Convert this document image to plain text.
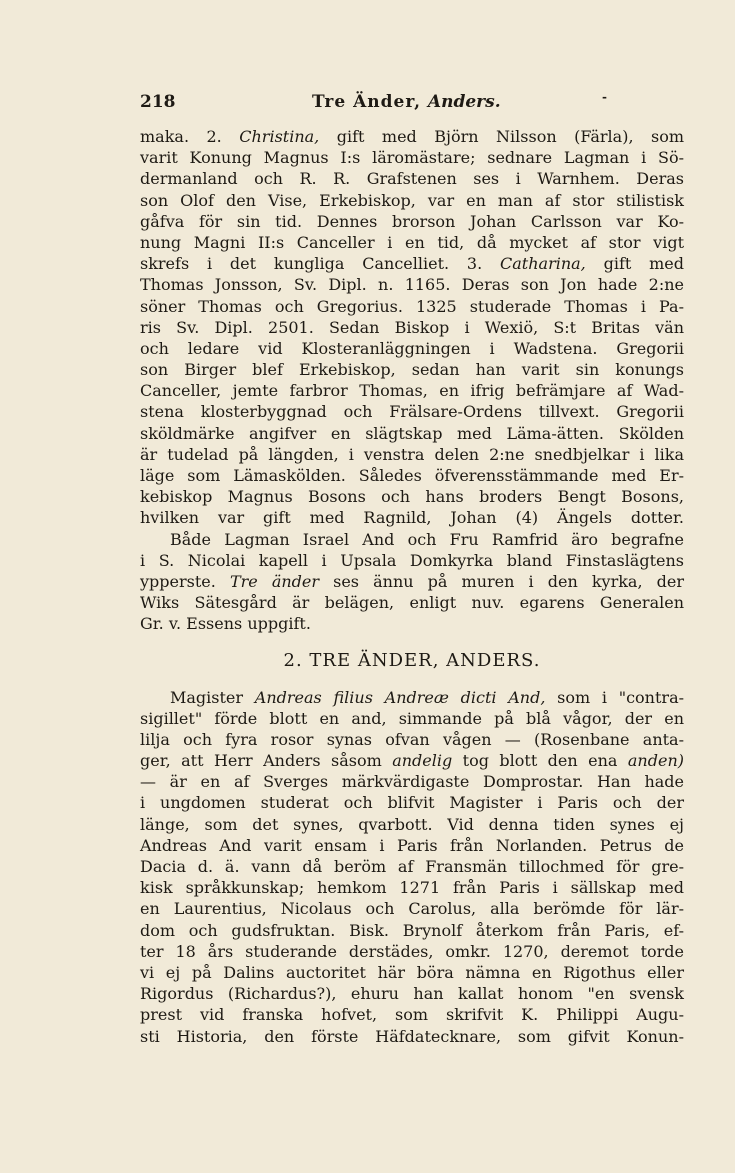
218	Tre Änder, Anders.	-
maka. 2. Christina, gift med Björn Nilsson (Färla), som
varit Konung Magnus I:s läromästare; sednare Lagman i Sö-
dermanland och R. R. Grafstenen ses i Warnhem. Deras
son Olof den Vise, Erkebiskop, var en man af stor stilistisk
gåfva för sin tid. Dennes brorson Johan Carlsson var Ko-
nung Magni II:s Canceller i en tid, då mycket af stor vigt
skrefs i det kungliga Cancelliet. 3. Catharina, gift med
Thomas Jonsson, Sv. Dipl. n. 1165. Deras son Jon hade 2:ne
söner Thomas och Gregorius. 1325 studerade Thomas i Pa-
ris Sv. Dipl. 2501. Sedan Biskop i Wexiö, S:t Britas vän
och ledare vid Klosteranläggningen i Wadstena. Gregorii
son Birger blef Erkebiskop, sedan han varit sin konungs
Canceller, jemte farbror Thomas, en ifrig befrämjare af Wad-
stena klosterbyggnad och Frälsare-Ordens tillvext. Gregorii
sköldmärke angifver en slägtskap med Läma-ätten. Skölden
är tudelad på längden, i venstra delen 2:ne snedbjelkar i lika
läge som Lämaskölden. Således öfverensstämmande med Er-
kebiskop Magnus Bosons och hans broders Bengt Bosons,
hvilken var gift med Ragnild, Johan (4) Ängels dotter.
Både Lagman Israel And och Fru Ramfrid äro begrafne
i S. Nicolai kapell i Upsala Domkyrka bland Finstaslägtens
ypperste. Tre änder ses ännu på muren i den kyrka, der
Wiks Sätesgård är belägen, enligt nuv. egarens Generalen
Gr. v. Essens uppgift.
2. TRE ÄNDER, ANDERS.
Magister Andreas filius Andreæ dicti And, som i "contra-
sigillet" förde blott en and, simmande på blå vågor, der en
lilja och fyra rosor synas ofvan vågen — (Rosenbane anta-
ger, att Herr Anders såsom andelig tog blott den ena anden)
— är en af Sverges märkvärdigaste Domprostar. Han hade
i ungdomen studerat och blifvit Magister i Paris och der
länge, som det synes, qvarbott. Vid denna tiden synes ej
Andreas And varit ensam i Paris från Norlanden. Petrus de
Dacia d. ä. vann då beröm af Fransmän tillochmed för gre-
kisk språkkunskap; hemkom 1271 från Paris i sällskap med
en Laurentius, Nicolaus och Carolus, alla berömde för lär-
dom och gudsfruktan. Bisk. Brynolf återkom från Paris, ef-
ter 18 års studerande derstädes, omkr. 1270, deremot torde
vi ej på Dalins auctoritet här böra nämna en Rigothus eller
Rigordus (Richardus?), ehuru han kallat honom "en svensk
prest vid franska hofvet, som skrifvit K. Philippi Augu-
sti Historia, den förste Häfdatecknare, som gifvit Konun-
